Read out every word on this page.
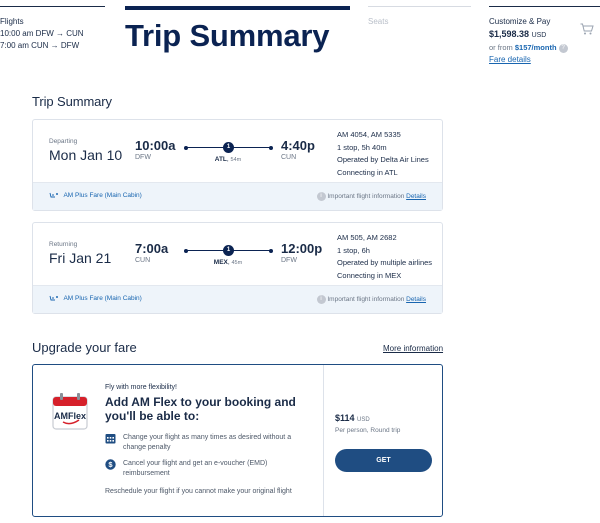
Flights
10:00 am DFW → CUN
7:00 am CUN → DFW	Trip Summary	Seats	Customize & Pay
$1,598.38 USD
or from $157/month ?
Fare details
Trip Summary
Departing
Mon Jan 10
10:00a
DFW
1
ATL, 54m
4:40p
CUN
AM 4054, AM 5335
1 stop, 5h 40m
Operated by Delta Air Lines
Connecting in ATL
AM Plus Fare (Main Cabin)	i Important flight information Details
Returning
Fri Jan 21
7:00a
CUN
1
MEX, 45m
12:00p
DFW
AM 505, AM 2682
1 stop, 6h
Operated by multiple airlines
Connecting in MEX
AM Plus Fare (Main Cabin)	i Important flight information Details
Upgrade your fare	More information
AMFlex
Fly with more flexibility!
Add AM Flex to your booking and you'll be able to:
Change your flight as many times as desired without a change penalty
$ Cancel your flight and get an e-voucher (EMD) reimbursement
Reschedule your flight if you cannot make your original flight
$114 USD
Per person, Round trip
GET
